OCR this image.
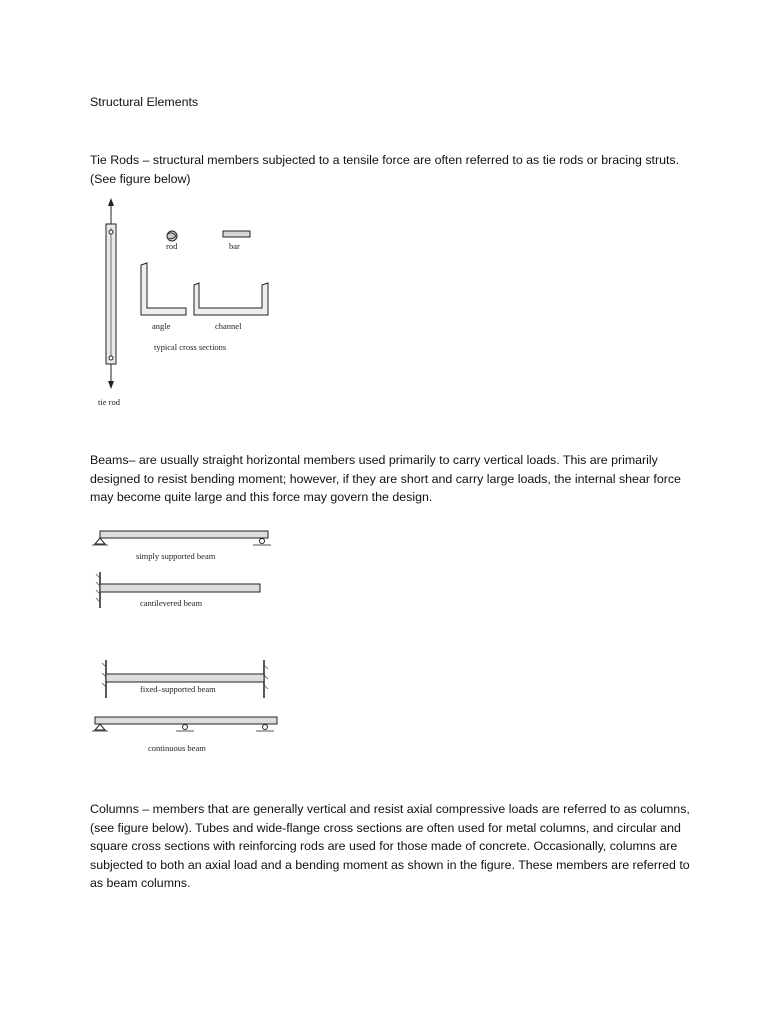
Structural Elements

Tie Rods – structural members subjected to a tensile force are often referred to as tie rods or bracing struts. (See figure below)

tie rod
rod	bar
angle	channel
typical cross sections

Beams– are usually straight horizontal members used primarily to carry vertical loads. This are primarily designed to resist bending moment; however, if they are short and carry large loads, the internal shear force may become quite large and this force may govern the design.

simply supported beam
cantilevered beam
fixed–supported beam
continuous beam

Columns – members that are generally vertical and resist axial compressive loads are referred to as columns, (see figure below). Tubes and wide-flange cross sections are often used for metal columns, and circular and square cross sections with reinforcing rods are used for those made of concrete. Occasionally, columns are subjected to both an axial load and a bending moment as shown in the figure. These members are referred to as beam columns.
